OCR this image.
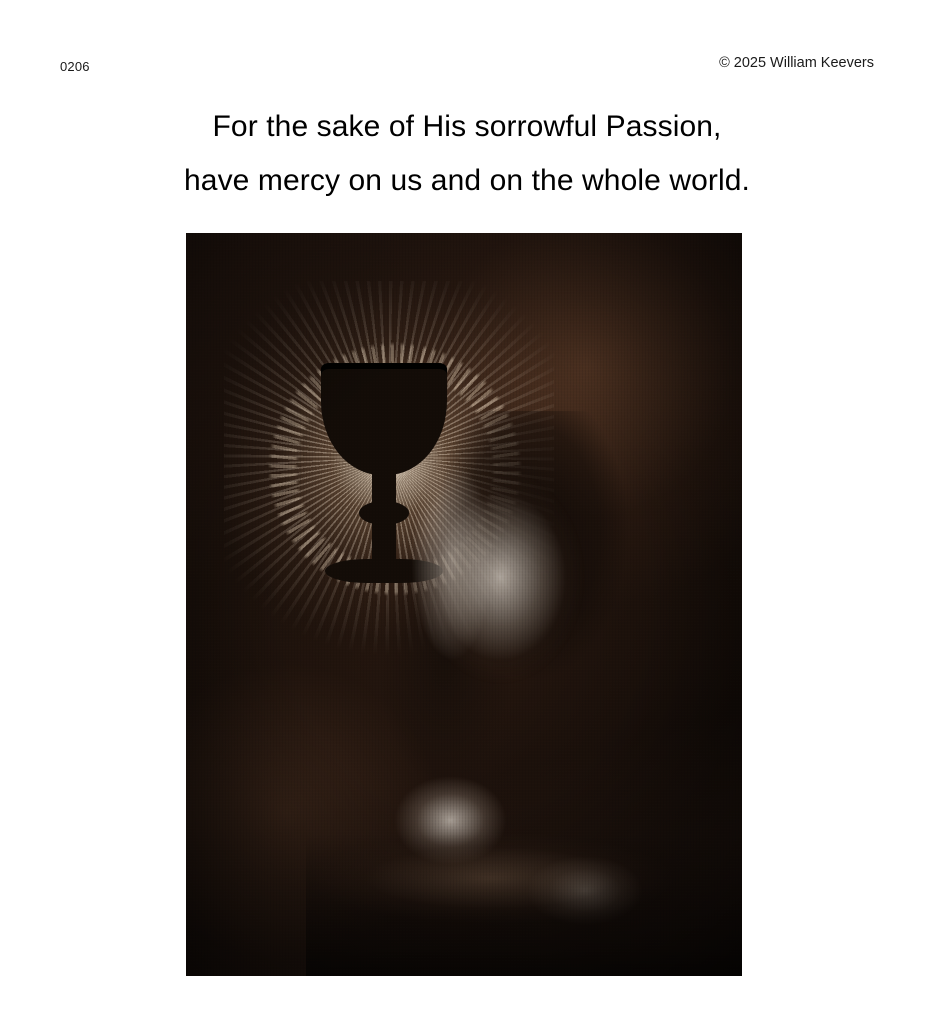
0206	© 2025 William Keevers
For the sake of His sorrowful Passion,
have mercy on us and on the whole world.
